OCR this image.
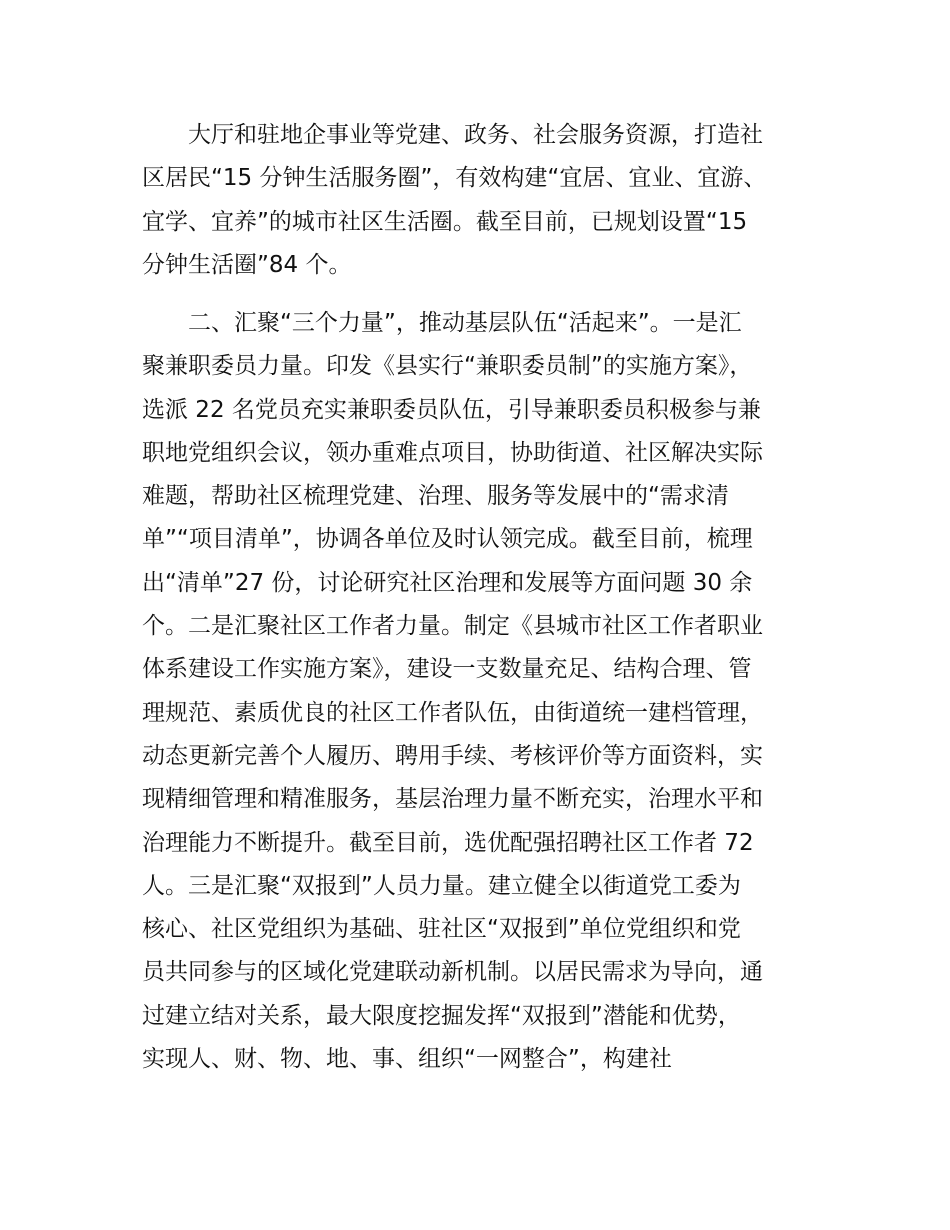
大厅和驻地企事业等党建、政务、社会服务资源，打造社
区居民“15 分钟生活服务圈”，有效构建“宜居、宜业、宜游、
宜学、宜养”的城市社区生活圈。截至目前，已规划设置“15
分钟生活圈”84 个。
二、汇聚“三个力量”，推动基层队伍“活起来”。一是汇
聚兼职委员力量。印发《县实行“兼职委员制”的实施方案》，
选派 22 名党员充实兼职委员队伍，引导兼职委员积极参与兼
职地党组织会议，领办重难点项目，协助街道、社区解决实际
难题，帮助社区梳理党建、治理、服务等发展中的“需求清
单”“项目清单”，协调各单位及时认领完成。截至目前，梳理
出“清单”27 份，讨论研究社区治理和发展等方面问题 30 余
个。二是汇聚社区工作者力量。制定《县城市社区工作者职业
体系建设工作实施方案》，建设一支数量充足、结构合理、管
理规范、素质优良的社区工作者队伍，由街道统一建档管理，
动态更新完善个人履历、聘用手续、考核评价等方面资料，实
现精细管理和精准服务，基层治理力量不断充实，治理水平和
治理能力不断提升。截至目前，选优配强招聘社区工作者 72
人。三是汇聚“双报到”人员力量。建立健全以街道党工委为
核心、社区党组织为基础、驻社区“双报到”单位党组织和党
员共同参与的区域化党建联动新机制。以居民需求为导向，通
过建立结对关系，最大限度挖掘发挥“双报到”潜能和优势，
实现人、财、物、地、事、组织“一网整合”，构建社
